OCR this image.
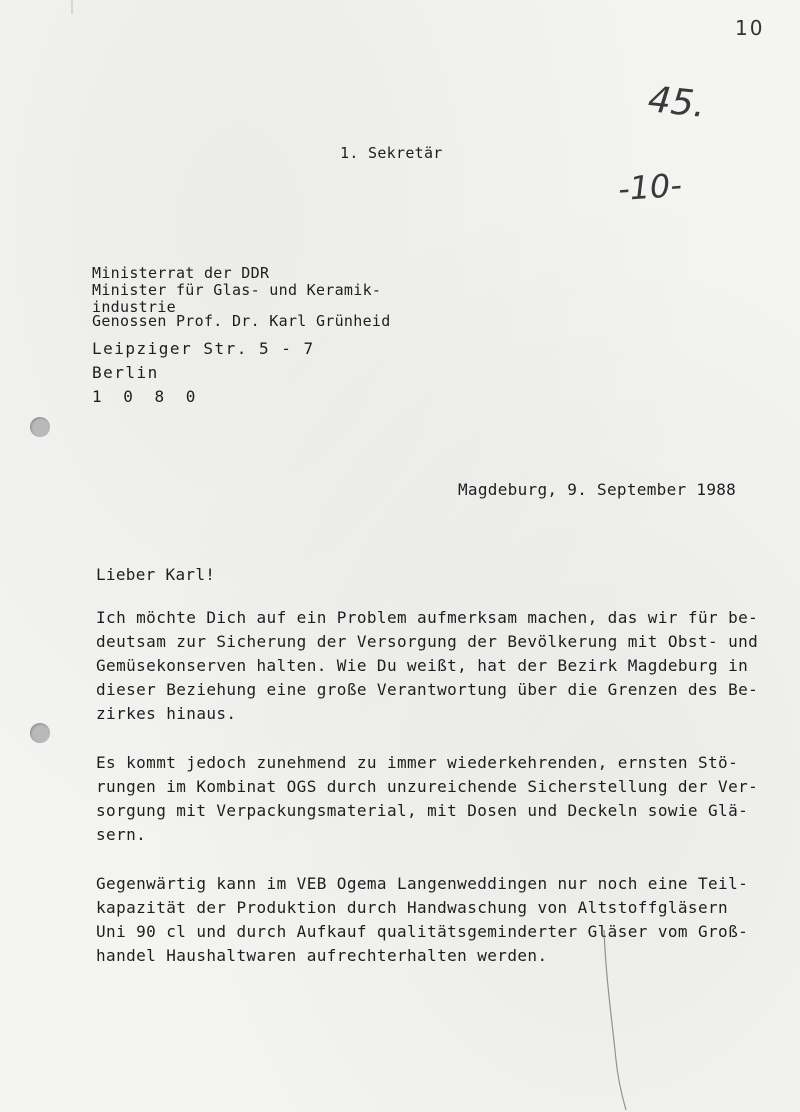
10
45.
-10-
1. Sekretär
Ministerrat der DDR
Minister für Glas- und Keramik-
industrie
Genossen Prof. Dr. Karl Grünheid
Leipziger Str. 5 - 7
Berlin
1 0 8 0
Magdeburg, 9. September 1988
Lieber Karl!
Ich möchte Dich auf ein Problem aufmerksam machen, das wir für be-
deutsam zur Sicherung der Versorgung der Bevölkerung mit Obst- und
Gemüsekonserven halten. Wie Du weißt, hat der Bezirk Magdeburg in
dieser Beziehung eine große Verantwortung über die Grenzen des Be-
zirkes hinaus.
Es kommt jedoch zunehmend zu immer wiederkehrenden, ernsten Stö-
rungen im Kombinat OGS durch unzureichende Sicherstellung der Ver-
sorgung mit Verpackungsmaterial, mit Dosen und Deckeln sowie Glä-
sern.
Gegenwärtig kann im VEB Ogema Langenweddingen nur noch eine Teil-
kapazität der Produktion durch Handwaschung von Altstoffgläsern
Uni 90 cl und durch Aufkauf qualitätsgeminderter Gläser vom Groß-
handel Haushaltwaren aufrechterhalten werden.
